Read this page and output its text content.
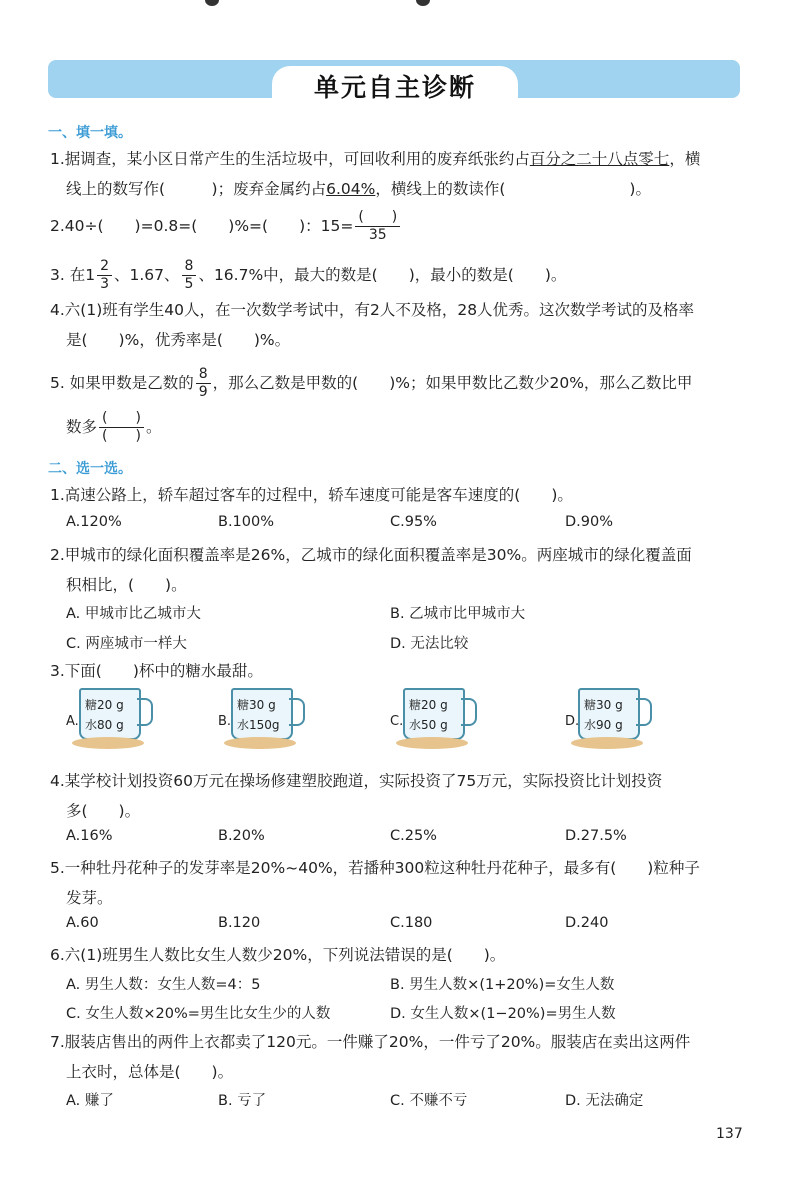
单元自主诊断
一、填一填。
1.据调查，某小区日常产生的生活垃圾中，可回收利用的废弃纸张约占百分之二十八点零七，横
线上的数写作(　　　)；废弃金属约占6.04%，横线上的数读作(　　　　　　　　)。
2.40÷(　　)=0.8=(　　)%=(　　)：$15= \frac{( )}{35}$
3. 在$1 \frac{2}{3}$ 、1.67、 $\frac{8}{5}$ 、16.7%中，最大的数是(　　)，最小的数是(　　)。
4.六(1)班有学生40人，在一次数学考试中，有2人不及格，28人优秀。这次数学考试的及格率
是(　　)%，优秀率是(　　)%。
5. 如果甲数是乙数的 $\frac{8}{9}$ ，那么乙数是甲数的(　　)%；如果甲数比乙数少20%，那么乙数比甲
数多 $\frac{( )}{( )}$ 。
二、选一选。
1.高速公路上，轿车超过客车的过程中，轿车速度可能是客车速度的(　　)。
A.120%	B.100%	C.95%	D.90%
2.甲城市的绿化面积覆盖率是26%，乙城市的绿化面积覆盖率是30%。两座城市的绿化覆盖面
积相比，(　　)。
A. 甲城市比乙城市大	B. 乙城市比甲城市大
C. 两座城市一样大	D. 无法比较
3.下面(　　)杯中的糖水最甜。
糖20 g
水80 g
A.
糖30 g
水150g
B.
糖20 g
水50 g
C.
糖30 g
水90 g
D.
4.某学校计划投资60万元在操场修建塑胶跑道，实际投资了75万元，实际投资比计划投资
多(　　)。
A.16%	B.20%	C.25%	D.27.5%
5.一种牡丹花种子的发芽率是20%~40%，若播种300粒这种牡丹花种子，最多有(　　)粒种子
发芽。
A.60	B.120	C.180	D.240
6.六(1)班男生人数比女生人数少20%，下列说法错误的是(　　)。
A. 男生人数：女生人数=4：5	B. 男生人数×(1+20%)=女生人数
C. 女生人数×20%=男生比女生少的人数	D. 女生人数×(1−20%)=男生人数
7.服装店售出的两件上衣都卖了120元。一件赚了20%，一件亏了20%。服装店在卖出这两件
上衣时，总体是(　　)。
A. 赚了	B. 亏了	C. 不赚不亏	D. 无法确定
137
